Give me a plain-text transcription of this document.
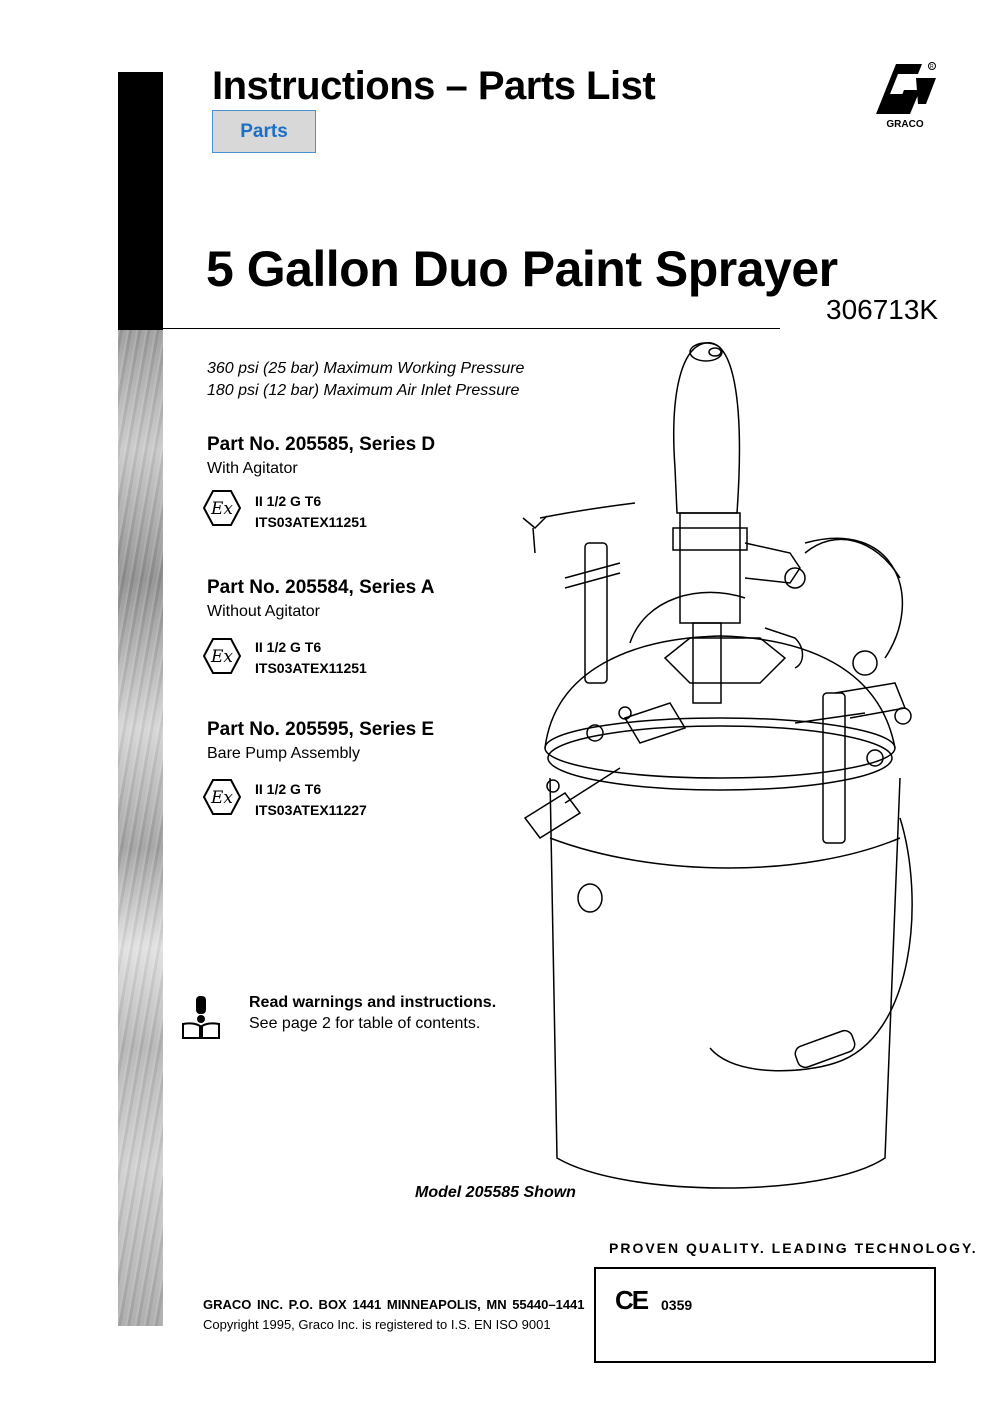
Instructions – Parts List
Parts
R
GRACO
5 Gallon Duo Paint Sprayer
306713K
360 psi (25 bar) Maximum Working Pressure
180 psi (12 bar) Maximum Air Inlet Pressure
Part No. 205585, Series D
With Agitator
Ex II 1/2 G T6
ITS03ATEX11251
Part No. 205584, Series A
Without Agitator
Ex II 1/2 G T6
ITS03ATEX11251
Part No. 205595, Series E
Bare Pump Assembly
Ex II 1/2 G T6
ITS03ATEX11227
Read warnings and instructions.
See page 2 for table of contents.
Model 205585 Shown
PROVEN QUALITY. LEADING TECHNOLOGY.
GRACO INC. P.O. BOX 1441 MINNEAPOLIS, MN 55440–1441
Copyright 1995, Graco Inc. is registered to I.S. EN ISO 9001
CE 0359
